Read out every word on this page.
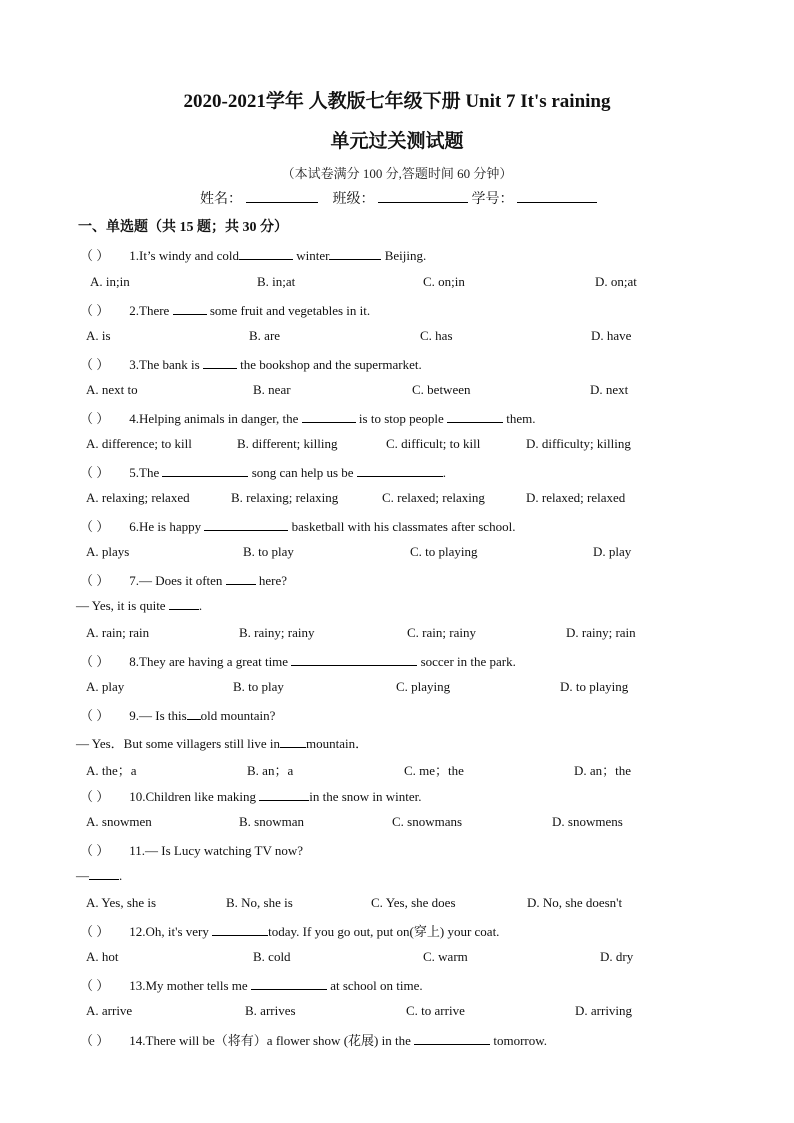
2020-2021学年 人教版七年级下册 Unit 7 It's raining
单元过关测试题
（本试卷满分 100 分,答题时间 60 分钟）
姓名：	班级：	学号：
一、单选题（共 15 题；共 30 分）
（ ） 1.It’s windy and cold	winter	Beijing.
A. in;in	B. in;at	C. on;in	D. on;at
（ ） 2.There	some fruit and vegetables in it.
A. is	B. are	C. has	D. have
（ ） 3.The bank is	the bookshop and the supermarket.
A. next to	B. near	C. between	D. next
（ ） 4.Helping animals in danger, the	is to stop people	them.
A. difference; to kill	B. different; killing	C. difficult; to kill	D. difficulty; killing
（ ） 5.The	song can help us be	.
A. relaxing; relaxed	B. relaxing; relaxing	C. relaxed; relaxing	D. relaxed; relaxed
（ ） 6.He is happy	basketball with his classmates after school.
A. plays	B. to play	C. to playing	D. play
（ ） 7.— Does it often  here?
— Yes, it is quite .
A. rain; rain	B. rainy; rainy	C. rain; rainy	D. rainy; rain
（ ） 8.They are having a great time	soccer in the park.
A. play	B. to play	C. playing	D. to playing
（ ） 9.— Is this old mountain?
— Yes．But some villagers still live in mountain．
A. the；a	B. an；a	C. me；the	D. an；the
（ ） 10.Children like making	in the snow in winter.
A. snowmen	B. snowman	C. snowmans	D. snowmens
（ ） 11.— Is Lucy watching TV now?
— .
A. Yes, she is	B. No, she is	C. Yes, she does	D. No, she doesn't
（ ） 12.Oh, it's very	today. If you go out, put on(穿上) your coat.
A. hot	B. cold	C. warm	D. dry
（ ） 13.My mother tells me	at school on time.
A. arrive	B. arrives	C. to arrive	D. arriving
（ ） 14.There will be（将有）a flower show (花展) in the	tomorrow.
